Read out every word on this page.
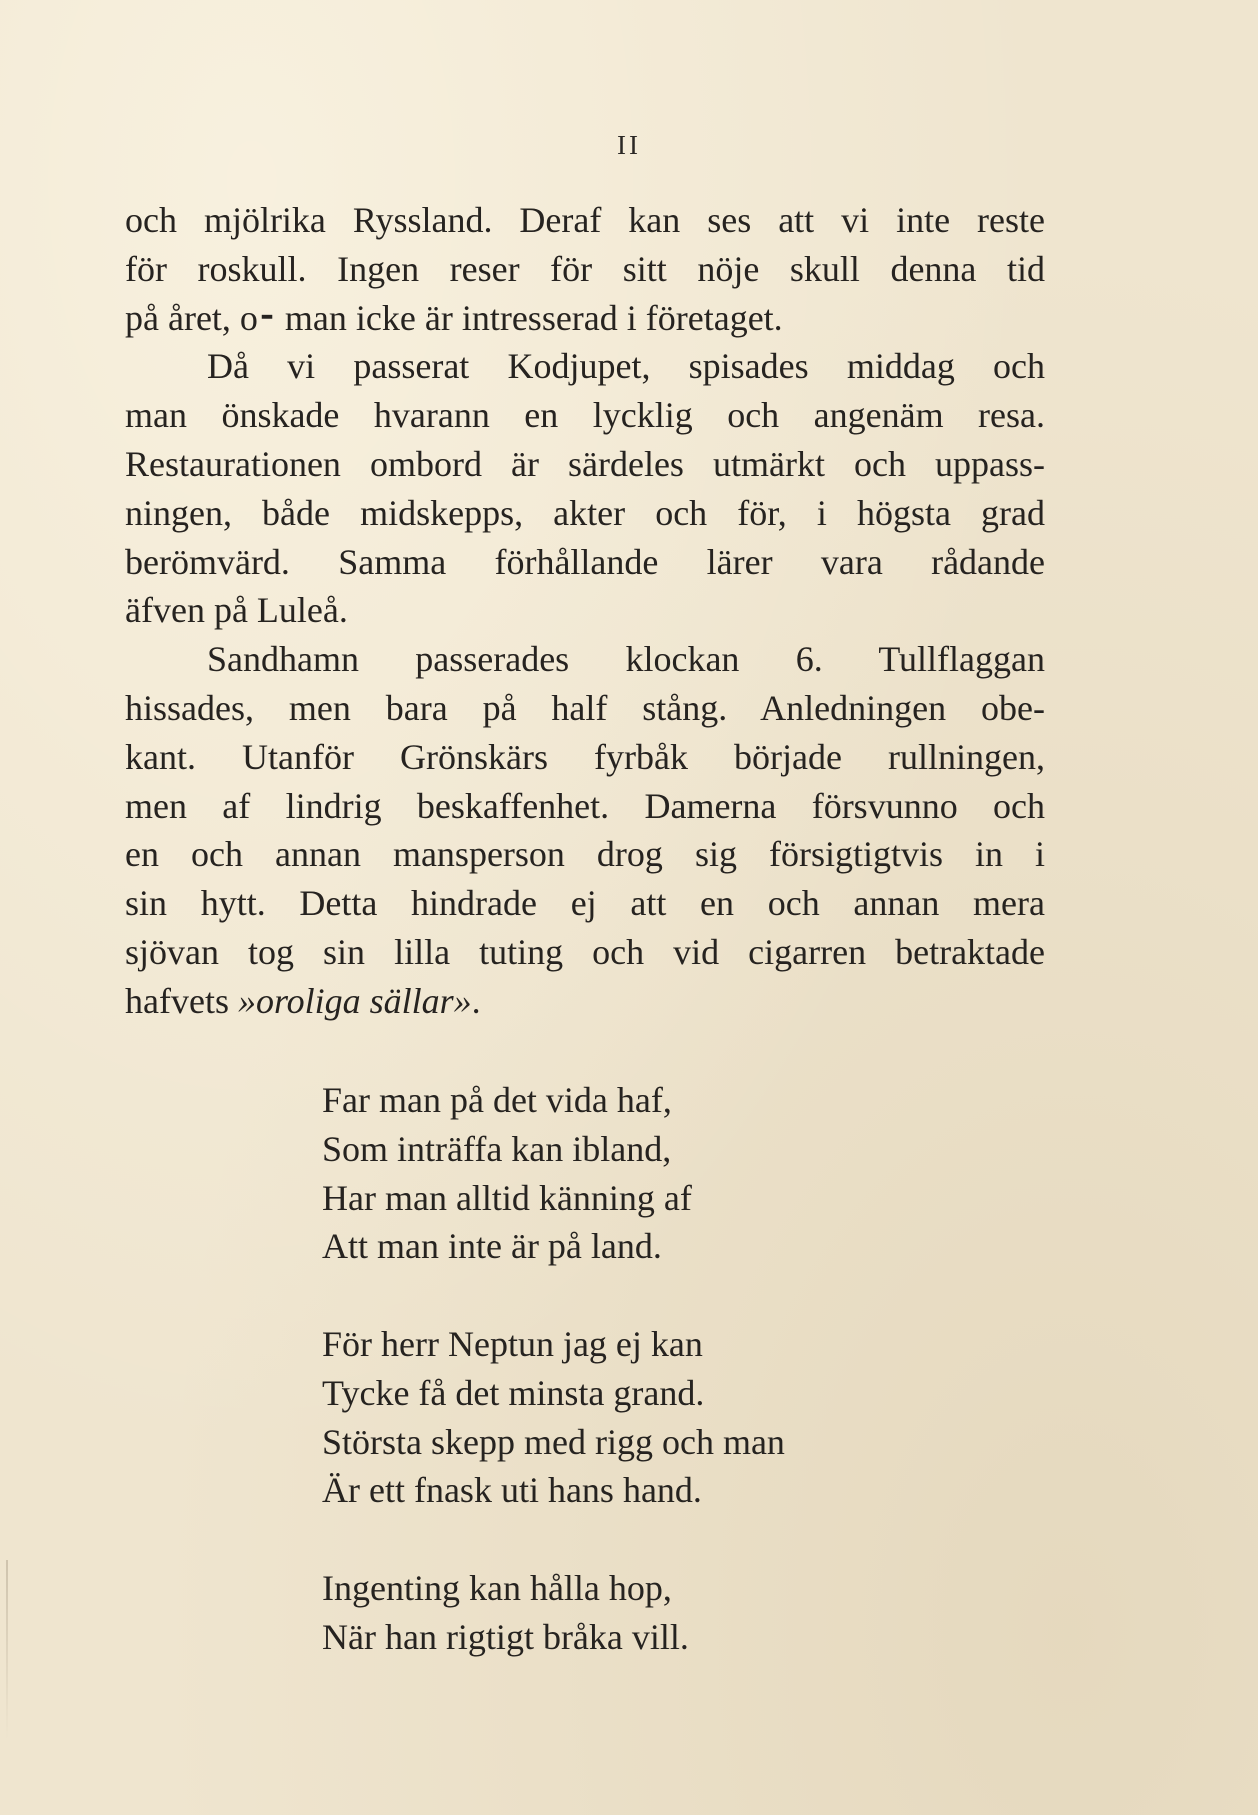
II
och mjölrika Ryssland. Deraf kan ses att vi inte reste
för roskull. Ingen reser för sitt nöje skull denna tid
på året, o⁃ man icke är intresserad i företaget.
Då vi passerat Kodjupet, spisades middag och
man önskade hvarann en lycklig och angenäm resa.
Restaurationen ombord är särdeles utmärkt och uppass-
ningen, både midskepps, akter och för, i högsta grad
berömvärd. Samma förhållande lärer vara rådande
äfven på Luleå.
Sandhamn passerades klockan 6. Tullflaggan
hissades, men bara på half stång. Anledningen obe-
kant. Utanför Grönskärs fyrbåk började rullningen,
men af lindrig beskaffenhet. Damerna försvunno och
en och annan mansperson drog sig försigtigtvis in i
sin hytt. Detta hindrade ej att en och annan mera
sjövan tog sin lilla tuting och vid cigarren betraktade
hafvets »oroliga sällar».
Far man på det vida haf,
Som inträffa kan ibland,
Har man alltid känning af
Att man inte är på land.
För herr Neptun jag ej kan
Tycke få det minsta grand.
Största skepp med rigg och man
Är ett fnask uti hans hand.
Ingenting kan hålla hop,
När han rigtigt bråka vill.
